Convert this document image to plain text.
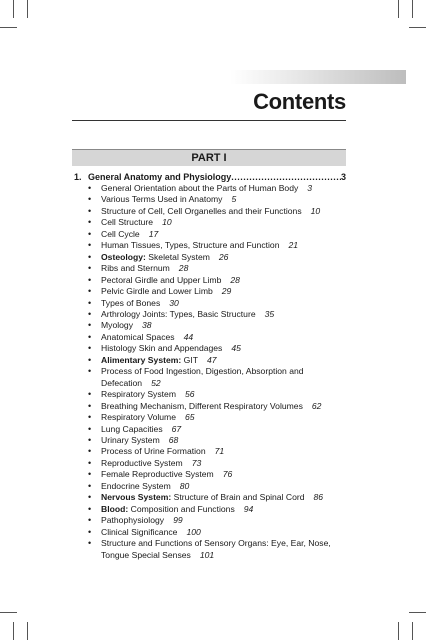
Contents
PART I
1. General Anatomy and Physiology
.....	3
• General Orientation about the Parts of Human Body 3
• Various Terms Used in Anatomy 5
• Structure of Cell, Cell Organelles and their Functions 10
• Cell Structure 10
• Cell Cycle 17
• Human Tissues, Types, Structure and Function 21
• Osteology: Skeletal System 26
• Ribs and Sternum 28
• Pectoral Girdle and Upper Limb 28
• Pelvic Girdle and Lower Limb 29
• Types of Bones 30
• Arthrology Joints: Types, Basic Structure 35
• Myology 38
• Anatomical Spaces 44
• Histology Skin and Appendages 45
• Alimentary System: GIT 47
• Process of Food Ingestion, Digestion, Absorption and
Defecation 52
• Respiratory System 56
• Breathing Mechanism, Different Respiratory Volumes 62
• Respiratory Volume 65
• Lung Capacities 67
• Urinary System 68
• Process of Urine Formation 71
• Reproductive System 73
• Female Reproductive System 76
• Endocrine System 80
• Nervous System: Structure of Brain and Spinal Cord 86
• Blood: Composition and Functions 94
• Pathophysiology 99
• Clinical Significance 100
• Structure and Functions of Sensory Organs: Eye, Ear, Nose,
Tongue Special Senses 101
